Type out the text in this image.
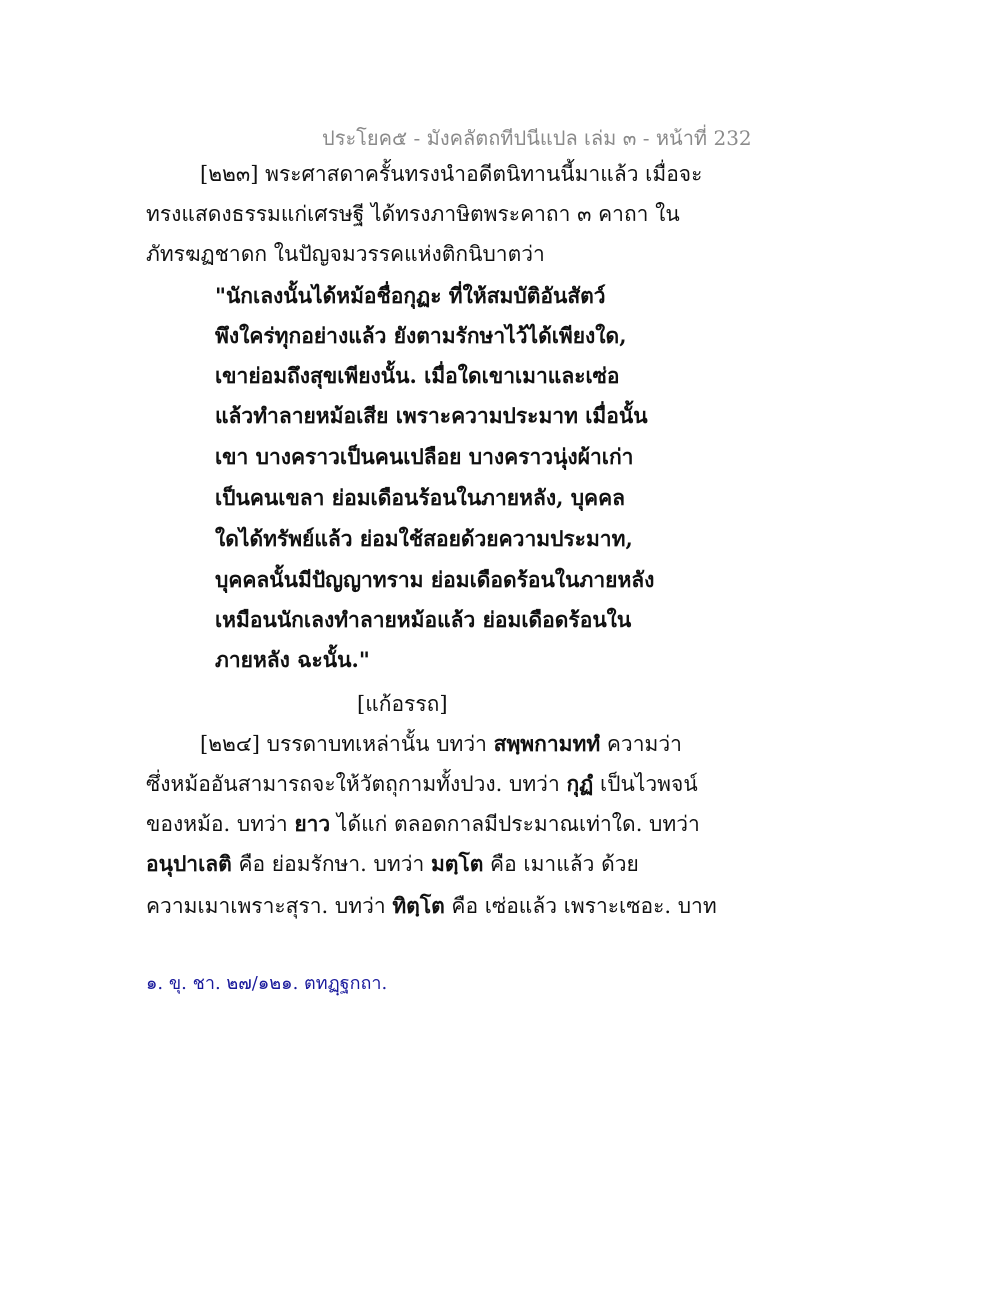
ประโยค๕ - มังคลัตถทีปนีแปล เล่ม ๓ - หน้าที่ 232
[๒๒๓] พระศาสดาครั้นทรงนำอดีตนิทานนี้มาแล้ว เมื่อจะ
ทรงแสดงธรรมแก่เศรษฐี ได้ทรงภาษิตพระคาถา ๓ คาถา ใน
ภัทรฆฏชาดก ในปัญจมวรรคแห่งติกนิบาตว่า
"นักเลงนั้นได้หม้อชื่อกุฏะ ที่ให้สมบัติอันสัตว์
พึงใคร่ทุกอย่างแล้ว ยังตามรักษาไว้ได้เพียงใด,
เขาย่อมถึงสุขเพียงนั้น. เมื่อใดเขาเมาและเซ่อ
แล้วทำลายหม้อเสีย เพราะความประมาท เมื่อนั้น
เขา บางคราวเป็นคนเปลือย บางคราวนุ่งผ้าเก่า
เป็นคนเขลา ย่อมเดือนร้อนในภายหลัง, บุคคล
ใดได้ทรัพย์แล้ว ย่อมใช้สอยด้วยความประมาท,
บุคคลนั้นมีปัญญาทราม ย่อมเดือดร้อนในภายหลัง
เหมือนนักเลงทำลายหม้อแล้ว ย่อมเดือดร้อนใน
ภายหลัง ฉะนั้น."
[แก้อรรถ]
[๒๒๔] บรรดาบทเหล่านั้น บทว่า สพฺพกามททํ ความว่า
ซึ่งหม้ออันสามารถจะให้วัตถุกามทั้งปวง. บทว่า กุฏํ เป็นไวพจน์
ของหม้อ. บทว่า ยาว ได้แก่ ตลอดกาลมีประมาณเท่าใด. บทว่า
อนุปาเลติ คือ ย่อมรักษา. บทว่า มตฺโต คือ เมาแล้ว ด้วย
ความเมาเพราะสุรา. บทว่า ทิตฺโต คือ เซ่อแล้ว เพราะเซอะ. บาท
๑. ขุ. ชา. ๒๗/๑๒๑. ตทฏฺฐกถา.
